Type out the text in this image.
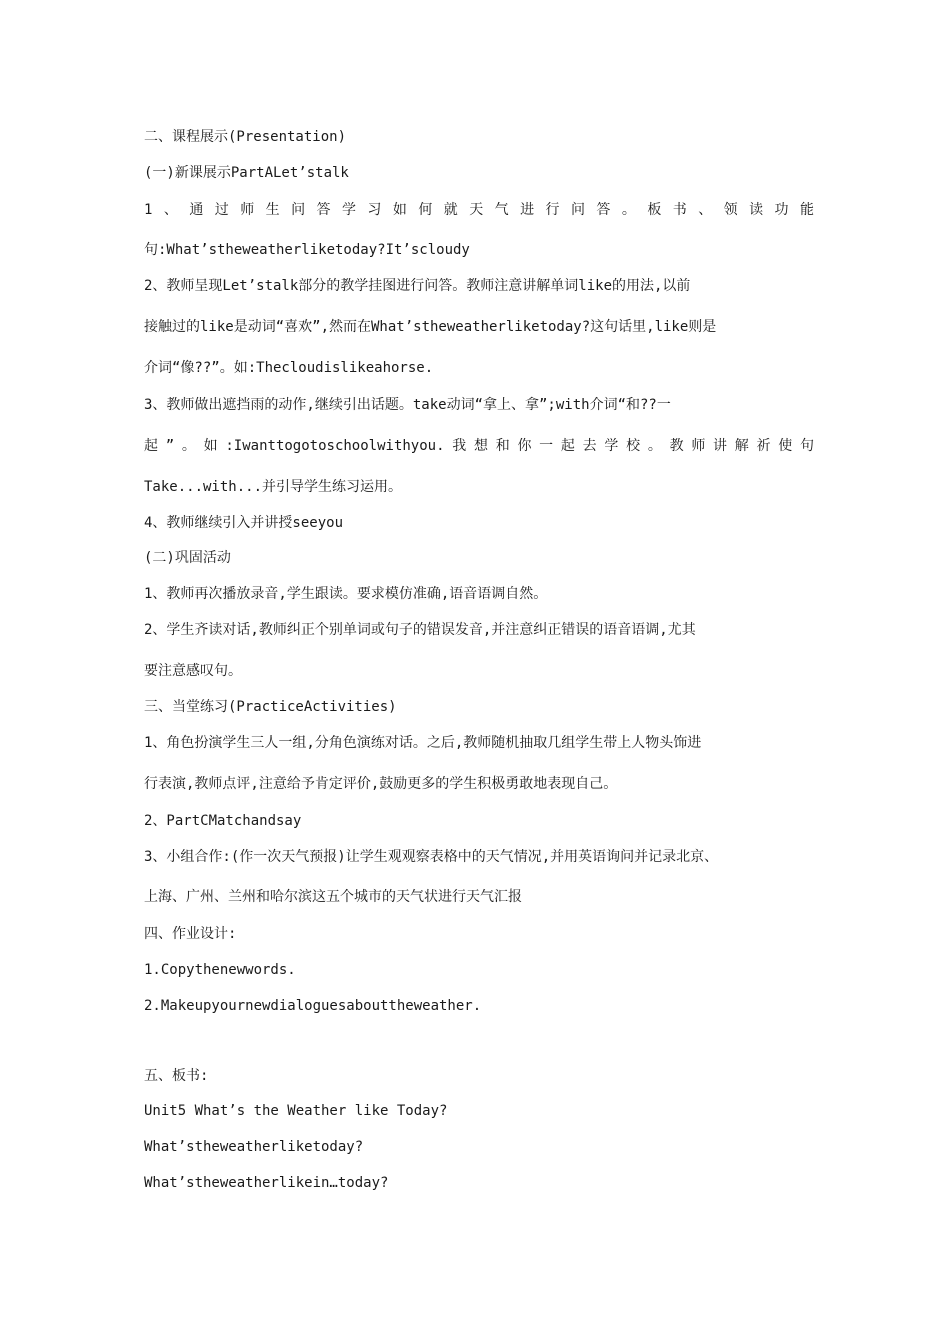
二、课程展示(Presentation)
(一)新课展示PartALet’stalk
1、通过师生问答学习如何就天气进行问答。板书、领读功能
句:What’stheweatherliketoday?It’scloudy
2、教师呈现Let’stalk部分的教学挂图进行问答。教师注意讲解单词like的用法,以前
接触过的like是动词“喜欢”,然而在What’stheweatherliketoday?这句话里,like则是
介词“像??”。如:Thecloudislikeahorse.
3、教师做出遮挡雨的动作,继续引出话题。take动词“拿上、拿”;with介词“和??一
起”。如:Iwanttogotoschoolwithyou.我想和你一起去学校。教师讲解祈使句
Take...with...并引导学生练习运用。
4、教师继续引入并讲授seeyou
(二)巩固活动
1、教师再次播放录音,学生跟读。要求模仿准确,语音语调自然。
2、学生齐读对话,教师纠正个别单词或句子的错误发音,并注意纠正错误的语音语调,尤其
要注意感叹句。
三、当堂练习(PracticeActivities)
1、角色扮演学生三人一组,分角色演练对话。之后,教师随机抽取几组学生带上人物头饰进
行表演,教师点评,注意给予肯定评价,鼓励更多的学生积极勇敢地表现自己。
2、PartCMatchandsay
3、小组合作:(作一次天气预报)让学生观观察表格中的天气情况,并用英语询问并记录北京、
上海、广州、兰州和哈尔滨这五个城市的天气状进行天气汇报
四、作业设计:
1.Copythenewwords.
2.Makeupyournewdialoguesabouttheweather.
五、板书:
Unit5 What’s the Weather like Today?
What’stheweatherliketoday?
What’stheweatherlikein…today?
